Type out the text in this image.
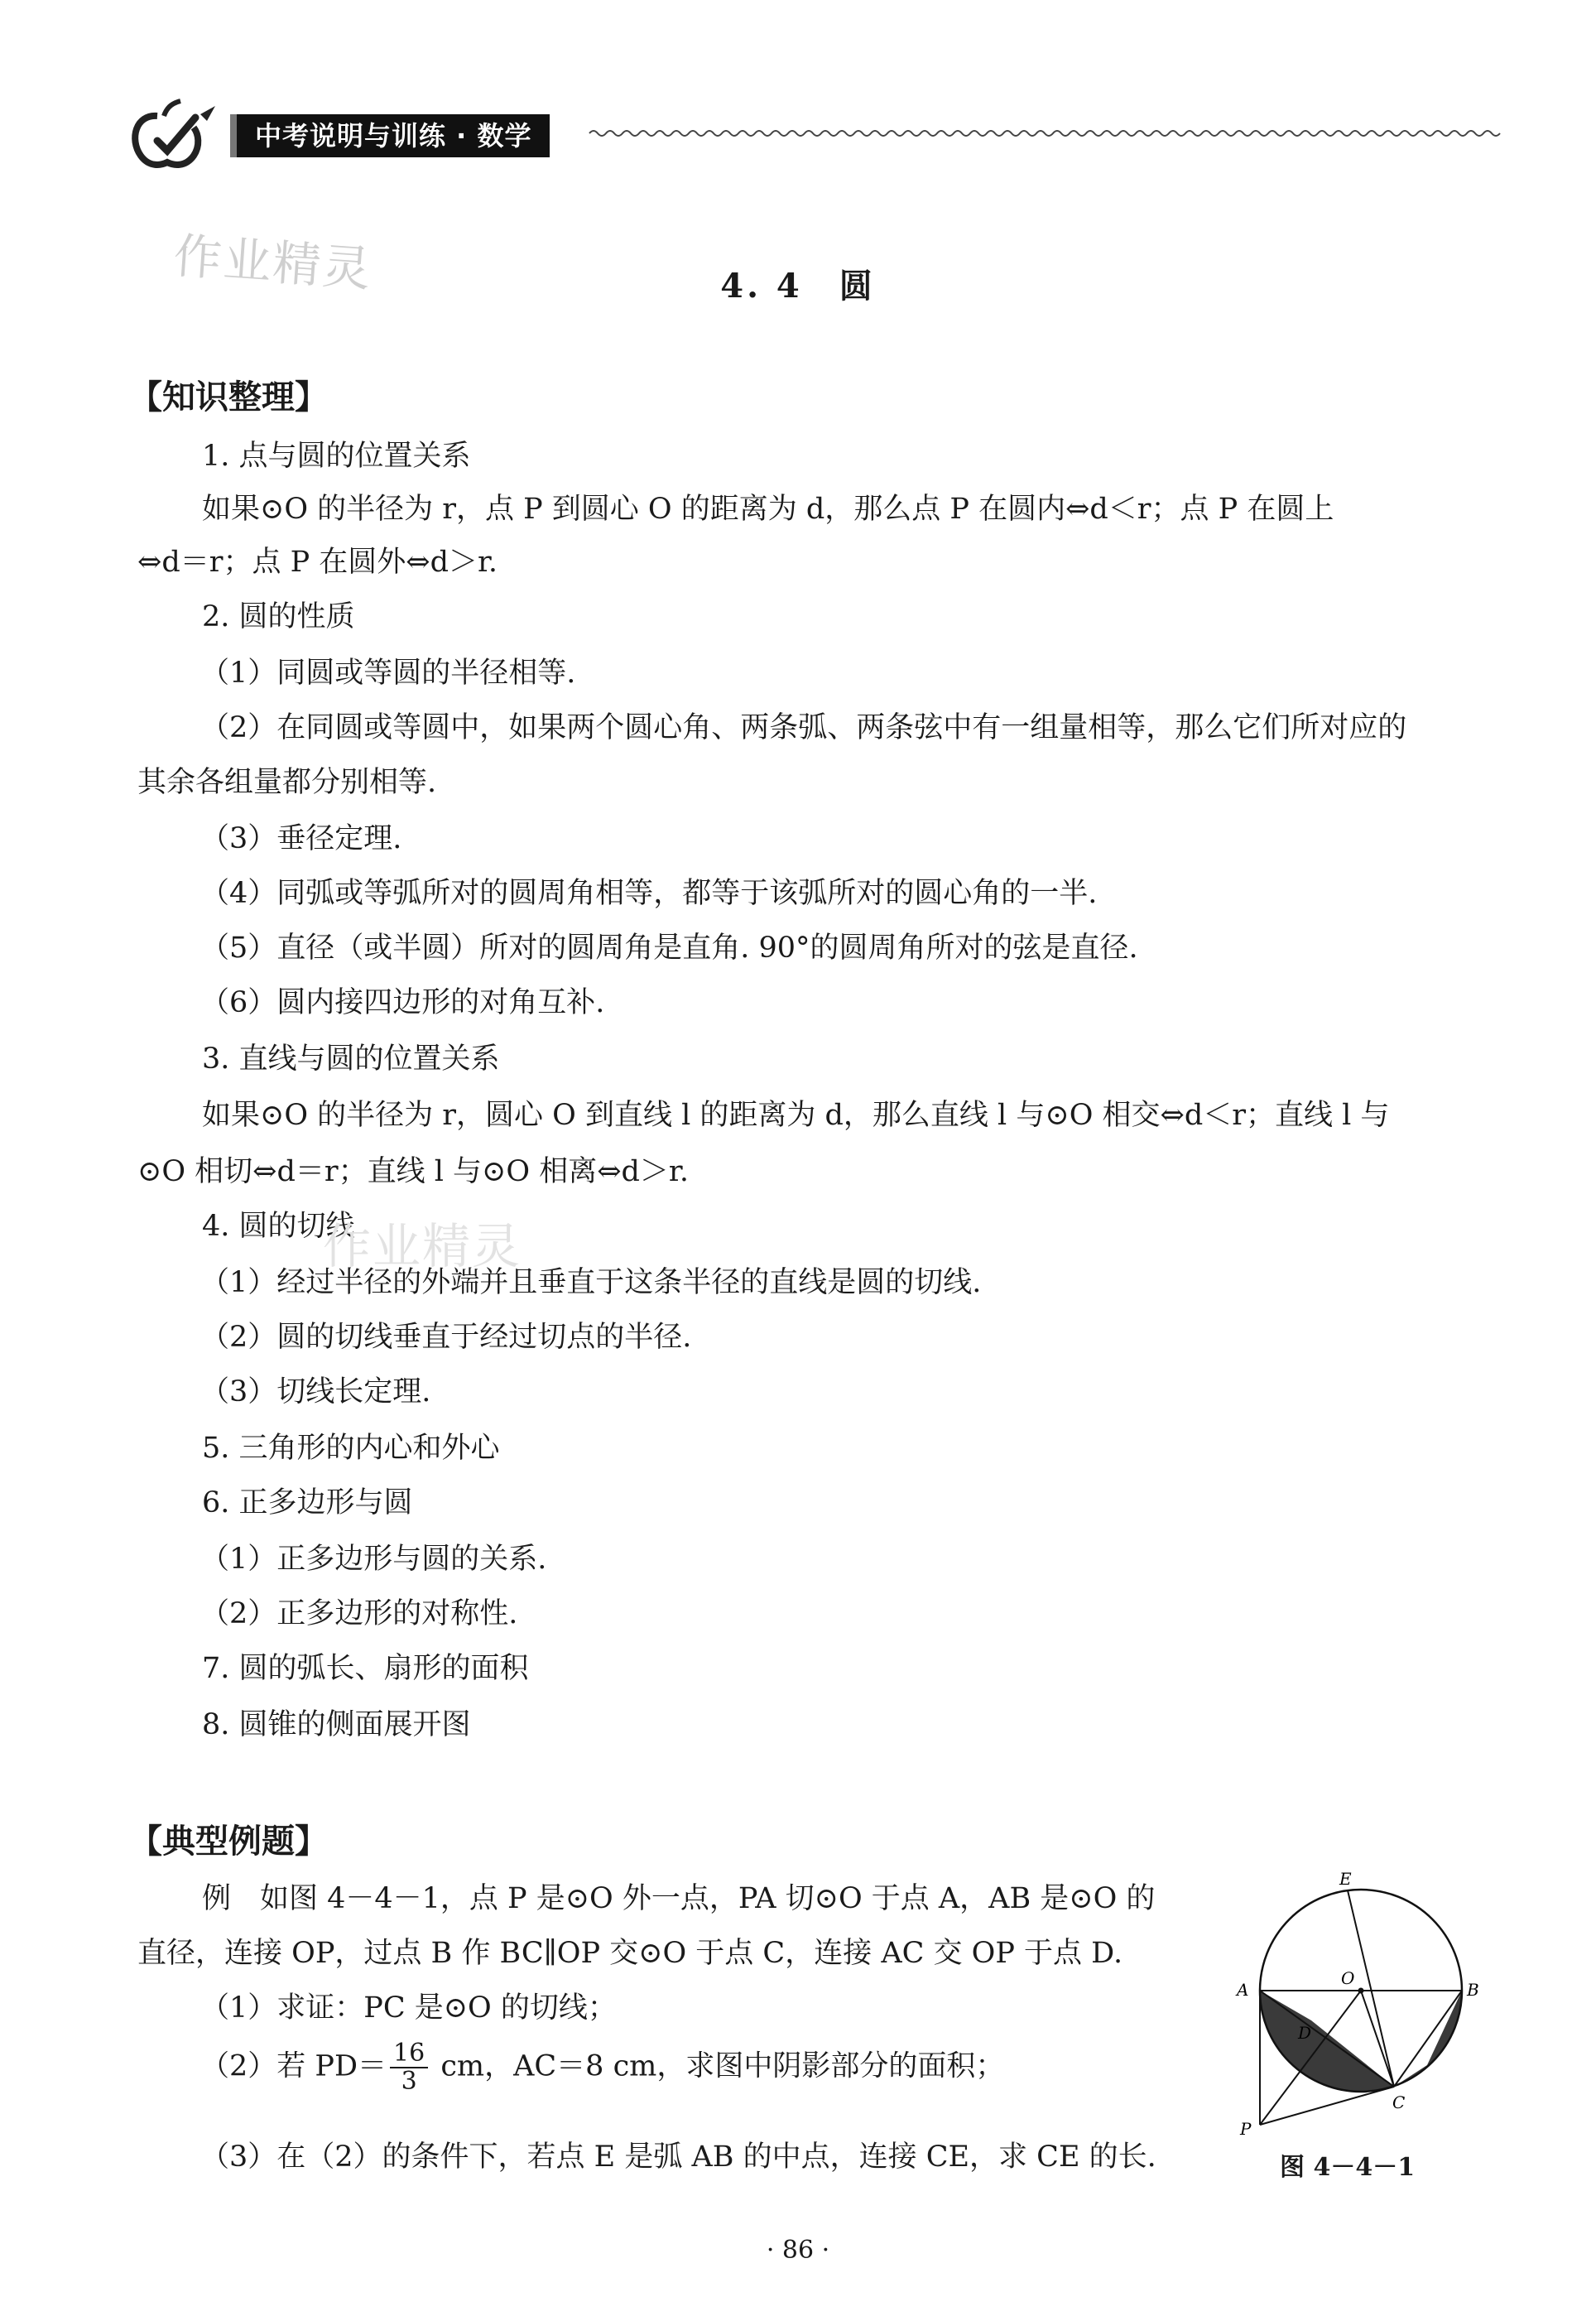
中考说明与训练 · 数学
作业精灵	4. 4　圆
【知识整理】
1. 点与圆的位置关系
如果⊙O 的半径为 r，点 P 到圆心 O 的距离为 d，那么点 P 在圆内⇔d＜r；点 P 在圆上
⇔d＝r；点 P 在圆外⇔d＞r.
2. 圆的性质
（1）同圆或等圆的半径相等.
（2）在同圆或等圆中，如果两个圆心角、两条弧、两条弦中有一组量相等，那么它们所对应的
其余各组量都分别相等.
（3）垂径定理.
（4）同弧或等弧所对的圆周角相等，都等于该弧所对的圆心角的一半.
（5）直径（或半圆）所对的圆周角是直角. 90°的圆周角所对的弦是直径.
（6）圆内接四边形的对角互补.
3. 直线与圆的位置关系
如果⊙O 的半径为 r，圆心 O 到直线 l 的距离为 d，那么直线 l 与⊙O 相交⇔d＜r；直线 l 与
⊙O 相切⇔d＝r；直线 l 与⊙O 相离⇔d＞r.
4. 圆的切线
（1）经过半径的外端并且垂直于这条半径的直线是圆的切线.
（2）圆的切线垂直于经过切点的半径.
（3）切线长定理.
5. 三角形的内心和外心
6. 正多边形与圆
（1）正多边形与圆的关系.
（2）正多边形的对称性.
7. 圆的弧长、扇形的面积
8. 圆锥的侧面展开图
作业精灵
【典型例题】
例　如图 4－4－1，点 P 是⊙O 外一点，PA 切⊙O 于点 A，AB 是⊙O 的
直径，连接 OP，过点 B 作 BC∥OP 交⊙O 于点 C，连接 AC 交 OP 于点 D.
（1）求证：PC 是⊙O 的切线；
（2）若 $PD= \frac{16}{3}$ cm，AC＝8 cm，求图中阴影部分的面积；
（3）在（2）的条件下，若点 E 是弧 AB 的中点，连接 CE，求 CE 的长.
E
O
A	B
D
C
P
图 4－4－1
· 86 ·
